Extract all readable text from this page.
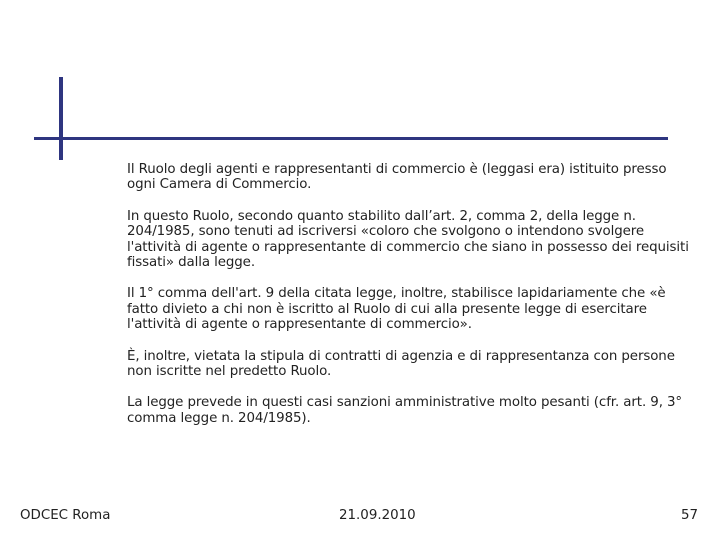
Il Ruolo degli agenti e rappresentanti di commercio è (leggasi era) istituito presso ogni Camera di Commercio.

In questo Ruolo, secondo quanto stabilito dall’art. 2, comma 2, della legge n. 204/1985, sono tenuti ad iscriversi «coloro che svolgono o intendono svolgere l'attività di agente o rappresentante di commercio che siano in possesso dei requisiti fissati» dalla legge.

Il 1° comma dell'art. 9 della citata legge, inoltre, stabilisce lapidariamente che «è fatto divieto a chi non è iscritto al Ruolo di cui alla presente legge di esercitare l'attività di agente o rappresentante di commercio».

È, inoltre, vietata la stipula di contratti di agenzia e di rappresentanza con persone non iscritte nel predetto Ruolo.

La legge prevede in questi casi sanzioni amministrative molto pesanti (cfr. art. 9, 3° comma legge n. 204/1985).

ODCEC Roma	21.09.2010	57
